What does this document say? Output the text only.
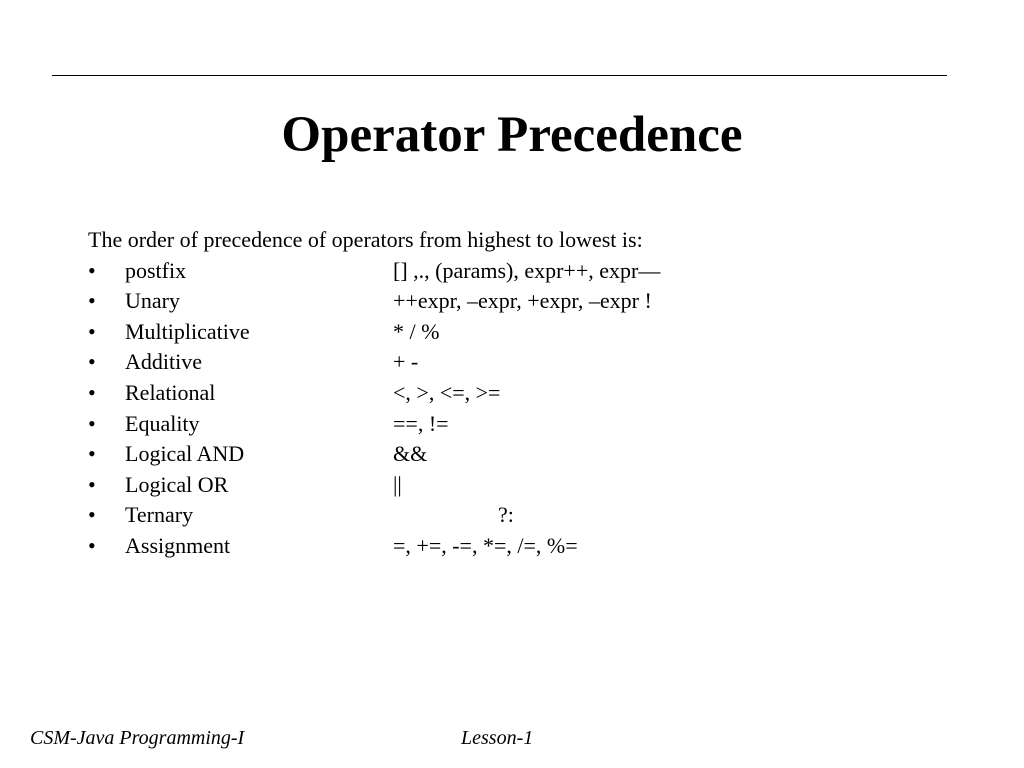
Operator Precedence
The order of precedence of operators from highest to lowest is:
• postfix	[] ,., (params), expr++, expr—
• Unary	++expr, –expr, +expr, –expr !
• Multiplicative	* / %
• Additive	+ -
• Relational	<, >, <=, >=
• Equality	==, !=
• Logical AND	&&
• Logical OR	||
• Ternary	?:
• Assignment	=, +=, -=, *=, /=, %=
CSM-Java Programming-I	Lesson-1
